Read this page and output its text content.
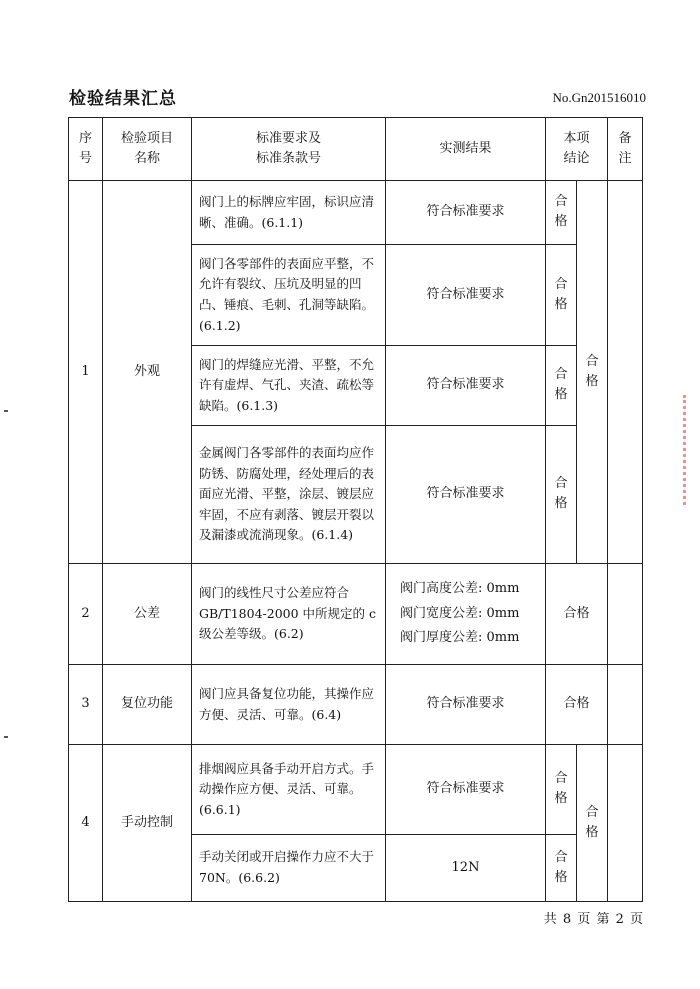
检验结果汇总	No.Gn201516010
序号	检验项目名称	标准要求及标准条款号	实测结果	本项结论		备注
1	外观	阀门上的标牌应牢固，标识应清晰、准确。(6.1.1)	符合标准要求	合格	合格	
		阀门各零部件的表面应平整，不允许有裂纹、压坑及明显的凹凸、锤痕、毛刺、孔洞等缺陷。(6.1.2)	符合标准要求	合格		
		阀门的焊缝应光滑、平整，不允许有虚焊、气孔、夹渣、疏松等缺陷。(6.1.3)	符合标准要求	合格		
		金属阀门各零部件的表面均应作防锈、防腐处理，经处理后的表面应光滑、平整，涂层、镀层应牢固，不应有剥落、镀层开裂以及漏漆或流淌现象。(6.1.4)	符合标准要求	合格		
2	公差	阀门的线性尺寸公差应符合GB/T1804-2000 中所规定的 c 级公差等级。(6.2)	阀门高度公差: 0mm
阀门宽度公差: 0mm
阀门厚度公差: 0mm	合格		
3	复位功能	阀门应具备复位功能，其操作应方便、灵活、可靠。(6.4)	符合标准要求	合格		
4	手动控制	排烟阀应具备手动开启方式。手动操作应方便、灵活、可靠。(6.6.1)	符合标准要求	合格	合格	
		手动关闭或开启操作力应不大于 70N。(6.6.2)	12N	合格		
共 8 页 第 2 页
